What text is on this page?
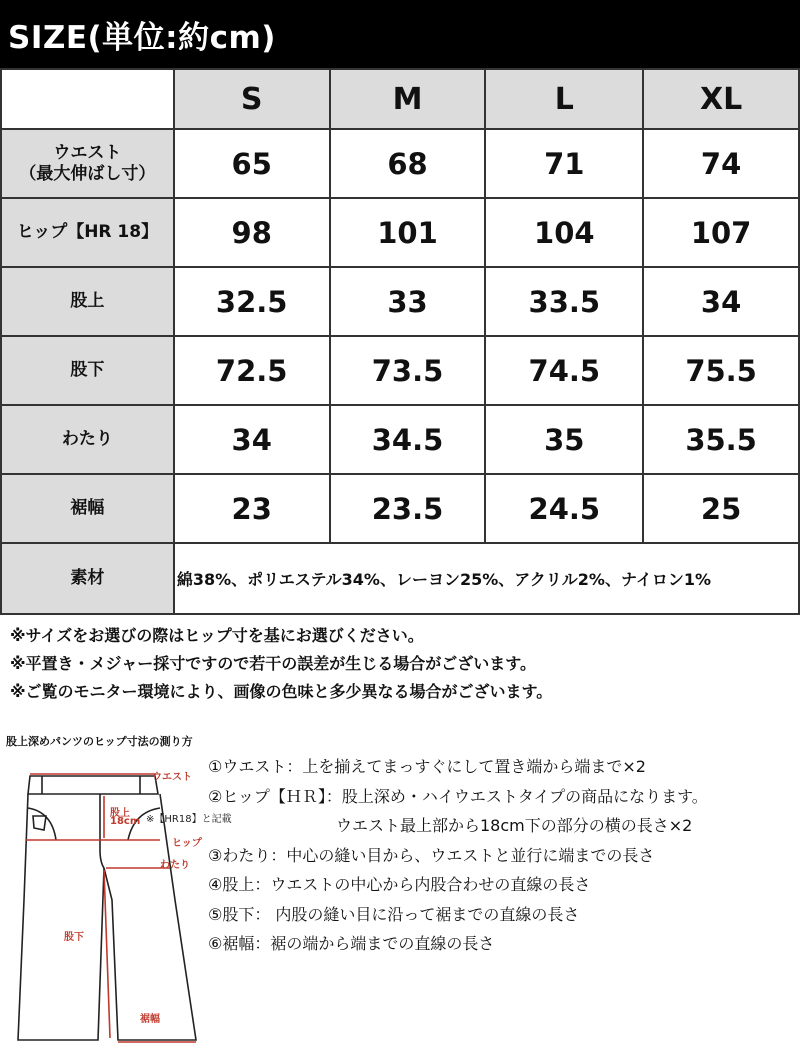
SIZE(単位:約cm)
	S	M	L	XL
ウエスト
（最大伸ばし寸）	65	68	71	74
ヒップ【HR 18】	98	101	104	107
股上	32.5	33	33.5	34
股下	72.5	73.5	74.5	75.5
わたり	34	34.5	35	35.5
裾幅	23	23.5	24.5	25
素材	綿38%、ポリエステル34%、レーヨン25%、アクリル2%、ナイロン1%			
※サイズをお選びの際はヒップ寸を基にお選びください。
※平置き・メジャー採寸ですので若干の誤差が生じる場合がございます。
※ご覧のモニター環境により、画像の色味と多少異なる場合がございます。
股上深めパンツのヒップ寸法の測り方
ウエスト
股上
18cm ※【HR18】と記載
ヒップ
わたり
股下
裾幅
①ウエスト：上を揃えてまっすぐにして置き端から端まで×2
②ヒップ【ＨＲ】：股上深め・ハイウエストタイプの商品になります。
　　　　　　　　ウエスト最上部から18cm下の部分の横の長さ×2
③わたり：中心の縫い目から、ウエストと並行に端までの長さ
④股上：ウエストの中心から内股合わせの直線の長さ
⑤股下： 内股の縫い目に沿って裾までの直線の長さ
⑥裾幅：裾の端から端までの直線の長さ
